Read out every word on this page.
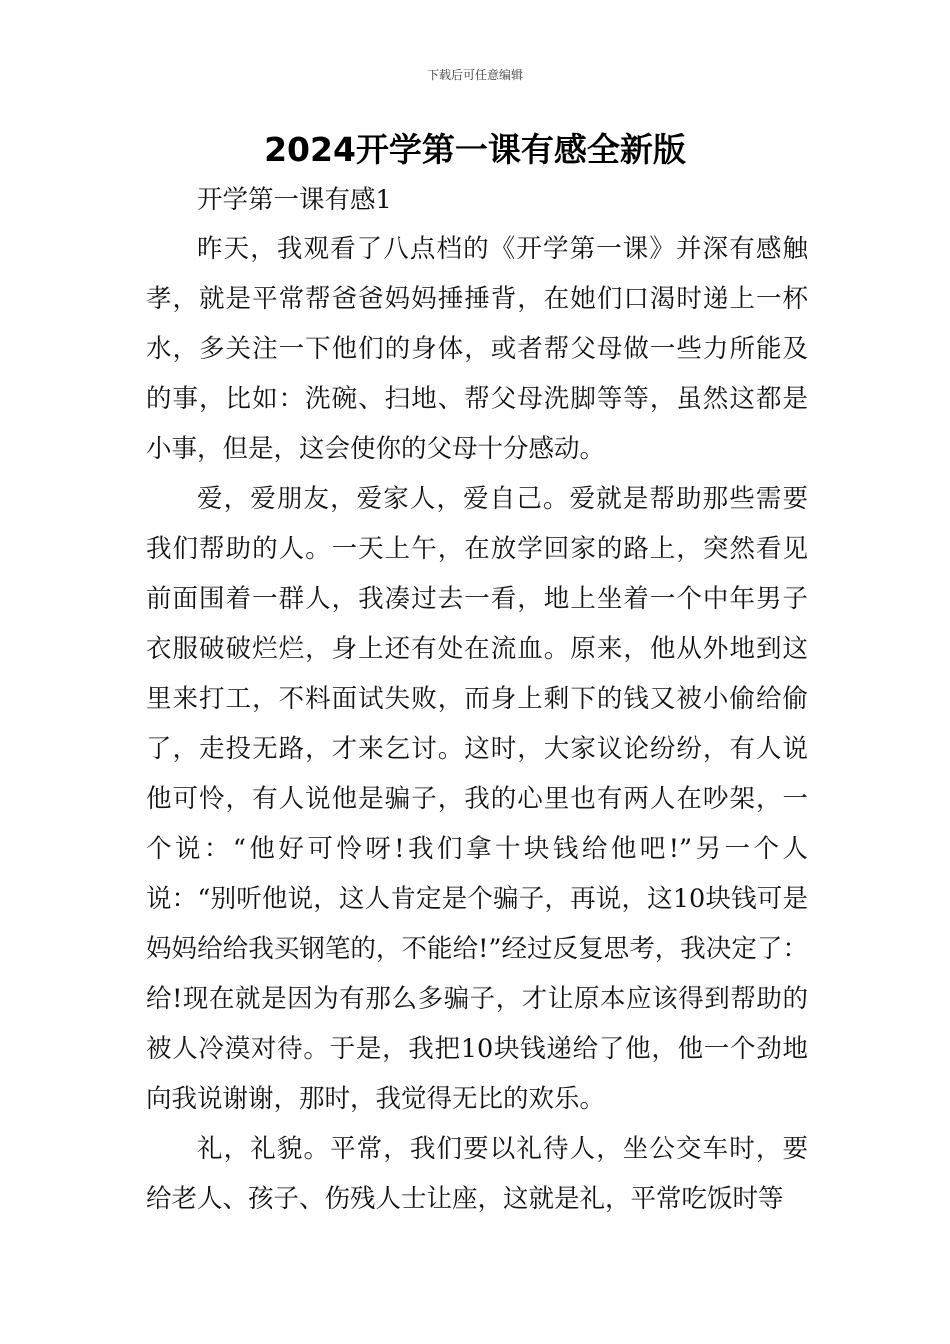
下载后可任意编辑
2024开学第一课有感全新版

开学第一课有感1

昨天，我观看了八点档的《开学第一课》并深有感触孝，就是平常帮爸爸妈妈捶捶背，在她们口渴时递上一杯水，多关注一下他们的身体，或者帮父母做一些力所能及的事，比如：洗碗、扫地、帮父母洗脚等等，虽然这都是小事，但是，这会使你的父母十分感动。

爱，爱朋友，爱家人，爱自己。爱就是帮助那些需要我们帮助的人。一天上午，在放学回家的路上，突然看见前面围着一群人，我凑过去一看，地上坐着一个中年男子衣服破破烂烂，身上还有处在流血。原来，他从外地到这里来打工，不料面试失败，而身上剩下的钱又被小偷给偷了，走投无路，才来乞讨。这时，大家议论纷纷，有人说他可怜，有人说他是骗子，我的心里也有两人在吵架，一个说：“他好可怜呀!我们拿十块钱给他吧!”另一个人说：“别听他说，这人肯定是个骗子，再说，这10块钱可是妈妈给给我买钢笔的，不能给!”经过反复思考，我决定了：给!现在就是因为有那么多骗子，才让原本应该得到帮助的被人冷漠对待。于是，我把10块钱递给了他，他一个劲地向我说谢谢，那时，我觉得无比的欢乐。

礼，礼貌。平常，我们要以礼待人，坐公交车时，要给老人、孩子、伤残人士让座，这就是礼，平常吃饭时等
